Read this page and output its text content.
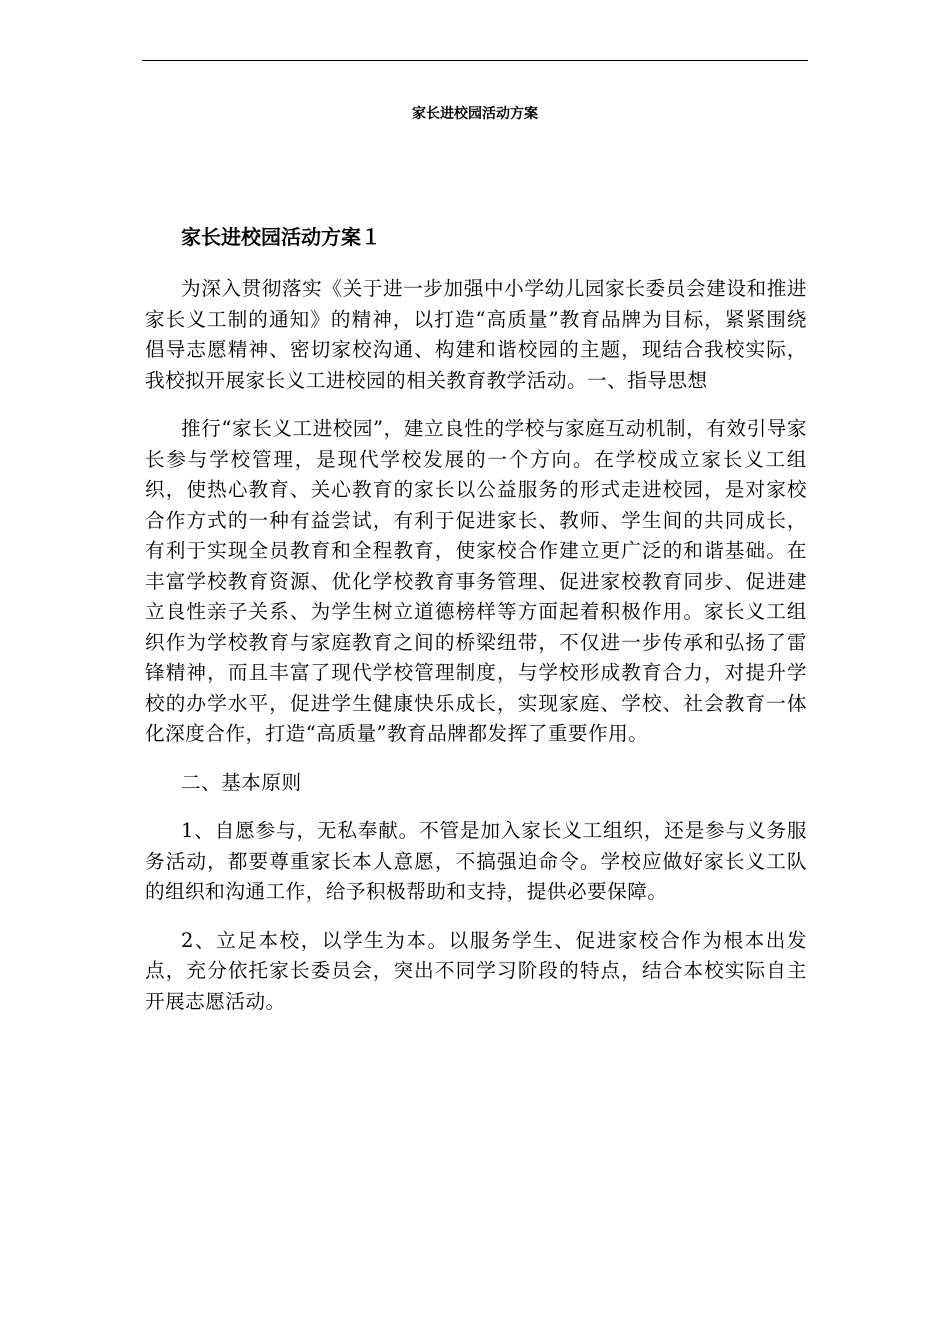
家长进校园活动方案
家长进校园活动方案１

为深入贯彻落实《关于进一步加强中小学幼儿园家长委员会建设和推进家长义工制的通知》的精神，以打造“高质量”教育品牌为目标，紧紧围绕倡导志愿精神、密切家校沟通、构建和谐校园的主题，现结合我校实际，我校拟开展家长义工进校园的相关教育教学活动。一、指导思想

推行“家长义工进校园”，建立良性的学校与家庭互动机制，有效引导家长参与学校管理，是现代学校发展的一个方向。在学校成立家长义工组织，使热心教育、关心教育的家长以公益服务的形式走进校园，是对家校合作方式的一种有益尝试，有利于促进家长、教师、学生间的共同成长，有利于实现全员教育和全程教育，使家校合作建立更广泛的和谐基础。在丰富学校教育资源、优化学校教育事务管理、促进家校教育同步、促进建立良性亲子关系、为学生树立道德榜样等方面起着积极作用。家长义工组织作为学校教育与家庭教育之间的桥梁纽带，不仅进一步传承和弘扬了雷锋精神，而且丰富了现代学校管理制度，与学校形成教育合力，对提升学校的办学水平，促进学生健康快乐成长，实现家庭、学校、社会教育一体化深度合作，打造“高质量”教育品牌都发挥了重要作用。

二、基本原则

1、自愿参与，无私奉献。不管是加入家长义工组织，还是参与义务服务活动，都要尊重家长本人意愿，不搞强迫命令。学校应做好家长义工队的组织和沟通工作，给予积极帮助和支持，提供必要保障。

2、立足本校，以学生为本。以服务学生、促进家校合作为根本出发点，充分依托家长委员会，突出不同学习阶段的特点，结合本校实际自主开展志愿活动。
